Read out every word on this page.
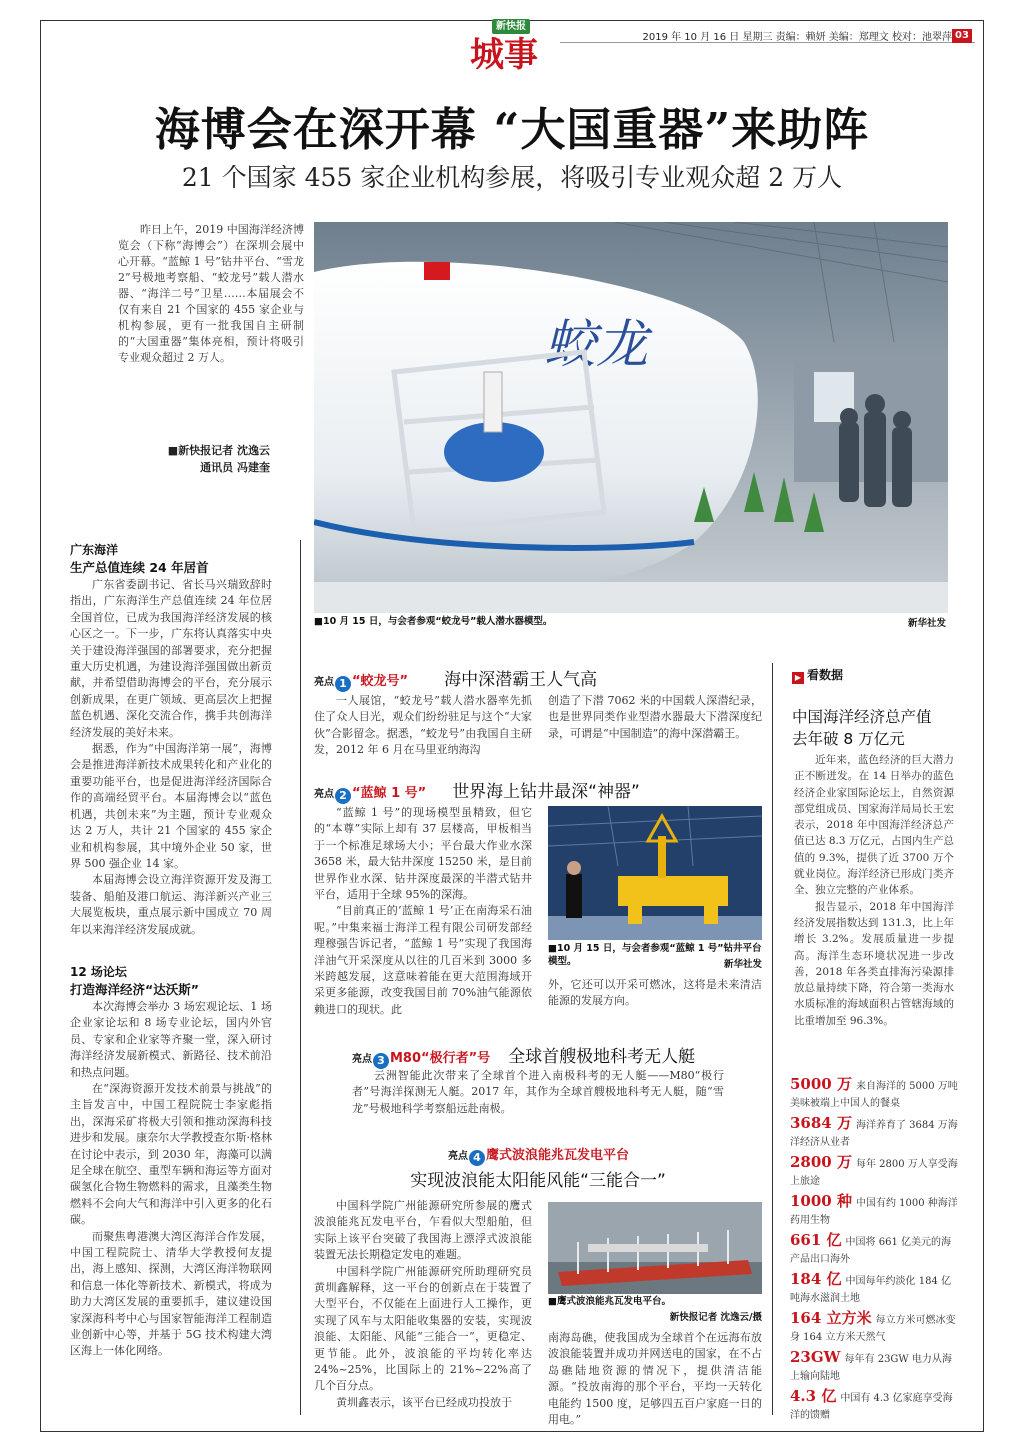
新快报
城事	2019 年 10 月 16 日 星期三 责编：赖妍 美编：郑理文 校对：池翠萍 03
海博会在深开幕 “大国重器”来助阵
21 个国家 455 家企业机构参展，将吸引专业观众超 2 万人
昨日上午，2019 中国海洋经济博览会（下称“海博会”）在深圳会展中心开幕。“蓝鲸 1 号”钻井平台、“雪龙 2”号极地考察船、“蛟龙号”载人潜水器、“海洋二号”卫星……本届展会不仅有来自 21 个国家的 455 家企业与机构参展，更有一批我国自主研制的“大国重器”集体亮相，预计将吸引专业观众超过 2 万人。
■新快报记者 沈逸云
通讯员 冯建奎
蛟龙
■10 月 15 日，与会者参观“蛟龙号”载人潜水器模型。	新华社发
广东海洋
生产总值连续 24 年居首

广东省委副书记、省长马兴瑞致辞时指出，广东海洋生产总值连续 24 年位居全国首位，已成为我国海洋经济发展的核心区之一。下一步，广东将认真落实中央关于建设海洋强国的部署要求，充分把握重大历史机遇，为建设海洋强国做出新贡献，并希望借助海博会的平台，充分展示创新成果，在更广领域、更高层次上把握蓝色机遇、深化交流合作，携手共创海洋经济发展的美好未来。

据悉，作为“中国海洋第一展”，海博会是推进海洋新技术成果转化和产业化的重要功能平台，也是促进海洋经济国际合作的高端经贸平台。本届海博会以“蓝色机遇，共创未来”为主题，预计专业观众达 2 万人，共计 21 个国家的 455 家企业和机构参展，其中境外企业 50 家，世界 500 强企业 14 家。

本届海博会设立海洋资源开发及海工装备、船舶及港口航运、海洋新兴产业三大展览板块，重点展示新中国成立 70 周年以来海洋经济发展成就。

12 场论坛
打造海洋经济“达沃斯”

本次海博会举办 3 场宏观论坛、1 场企业家论坛和 8 场专业论坛，国内外官员、专家和企业家等齐聚一堂，深入研讨海洋经济发展新模式、新路径、技术前沿和热点问题。

在“深海资源开发技术前景与挑战”的主旨发言中，中国工程院院士李家彪指出，深海采矿将极大引领和推动深海科技进步和发展。康奈尔大学教授查尔斯·格林在讨论中表示，到 2030 年，海藻可以满足全球在航空、重型车辆和海运等方面对碳氢化合物生物燃料的需求，且藻类生物燃料不会向大气和海洋中引入更多的化石碳。

而聚焦粤港澳大湾区海洋合作发展，中国工程院院士、清华大学教授何友提出，海上感知、探测，大湾区海洋物联网和信息一体化等新技术、新模式，将成为助力大湾区发展的重要抓手，建议建设国家深海科考中心与国家智能海洋工程制造业创新中心等，并基于 5G 技术构建大湾区海上一体化网络。

亮点 1 “蛟龙号” 海中深潜霸王人气高

一人展馆，“蛟龙号”载人潜水器率先抓住了众人目光，观众们纷纷驻足与这个“大家伙”合影留念。据悉，“蛟龙号”由我国自主研发，2012 年 6 月在马里亚纳海沟

创造了下潜 7062 米的中国载人深潜纪录，也是世界同类作业型潜水器最大下潜深度纪录，可谓是“中国制造”的海中深潜霸王。

亮点 2 “蓝鲸 1 号” 世界海上钻井最深“神器”

“蓝鲸 1 号”的现场模型虽精致，但它的“本尊”实际上却有 37 层楼高，甲板相当于一个标准足球场大小；平台最大作业水深 3658 米，最大钻井深度 15250 米，是目前世界作业水深、钻井深度最深的半潜式钻井平台，适用于全球 95%的深海。

“目前真正的‘蓝鲸 1 号’正在南海采石油呢。”中集来福士海洋工程有限公司研发部经理穆强告诉记者，“蓝鲸 1 号”实现了我国海洋油气开采深度从以往的几百米到 3000 多米跨越发展，这意味着能在更大范围海域开采更多能源，改变我国目前 70%油气能源依赖进口的现状。此

■10 月 15 日，与会者参观“蓝鲸 1 号”钻井平台模型。	新华社发

外，它还可以开采可燃冰，这将是未来清洁能源的发展方向。

亮点 3 M80“极行者”号 全球首艘极地科考无人艇

云洲智能此次带来了全球首个进入南极科考的无人艇——M80“极行者”号海洋探测无人艇。2017 年，其作为全球首艘极地科考无人艇，随“雪龙”号极地科学考察船远赴南极。

亮点 4 鹰式波浪能兆瓦发电平台
实现波浪能太阳能风能“三能合一”

中国科学院广州能源研究所参展的鹰式波浪能兆瓦发电平台，乍看似大型船舶，但实际上该平台突破了我国海上漂浮式波浪能装置无法长期稳定发电的难题。

中国科学院广州能源研究所助理研究员黄圳鑫解释，这一平台的创新点在于装置了大型平台，不仅能在上面进行人工操作，更实现了风车与太阳能收集器的安装，实现波浪能、太阳能、风能“三能合一”，更稳定、更节能。此外，波浪能的平均转化率达 24%~25%，比国际上的 21%~22%高了几个百分点。

黄圳鑫表示，该平台已经成功投放于

■鹰式波浪能兆瓦发电平台。
新快报记者 沈逸云/摄

南海岛礁，使我国成为全球首个在远海布放波浪能装置并成功并网送电的国家，在不占岛礁陆地资源的情况下，提供清洁能源。“投放南海的那个平台，平均一天转化电能约 1500 度，足够四五百户家庭一日的用电。”

▶ 看数据
中国海洋经济总产值
去年破 8 万亿元

近年来，蓝色经济的巨大潜力正不断迸发。在 14 日举办的蓝色经济企业家国际论坛上，自然资源部党组成员、国家海洋局局长王宏表示，2018 年中国海洋经济总产值已达 8.3 万亿元，占国内生产总值的 9.3%，提供了近 3700 万个就业岗位。海洋经济已形成门类齐全、独立完整的产业体系。

报告显示，2018 年中国海洋经济发展指数达到 131.3，比上年增长 3.2%。发展质量进一步提高。海洋生态环境状况进一步改善，2018 年各类直排海污染源排放总量持续下降，符合第一类海水水质标准的海域面积占管辖海域的比重增加至 96.3%。

5000 万 来自海洋的 5000 万吨美味被端上中国人的餐桌
3684 万 海洋养育了 3684 万海洋经济从业者
2800 万 每年 2800 万人享受海上旅途
1000 种 中国有约 1000 种海洋药用生物
661 亿 中国将 661 亿美元的海产品出口海外
184 亿 中国每年约淡化 184 亿吨海水滋润土地
164 立方米 每立方米可燃冰变身 164 立方米天然气
23GW 每年有 23GW 电力从海上输向陆地
4.3 亿 中国有 4.3 亿家庭享受海洋的馈赠
